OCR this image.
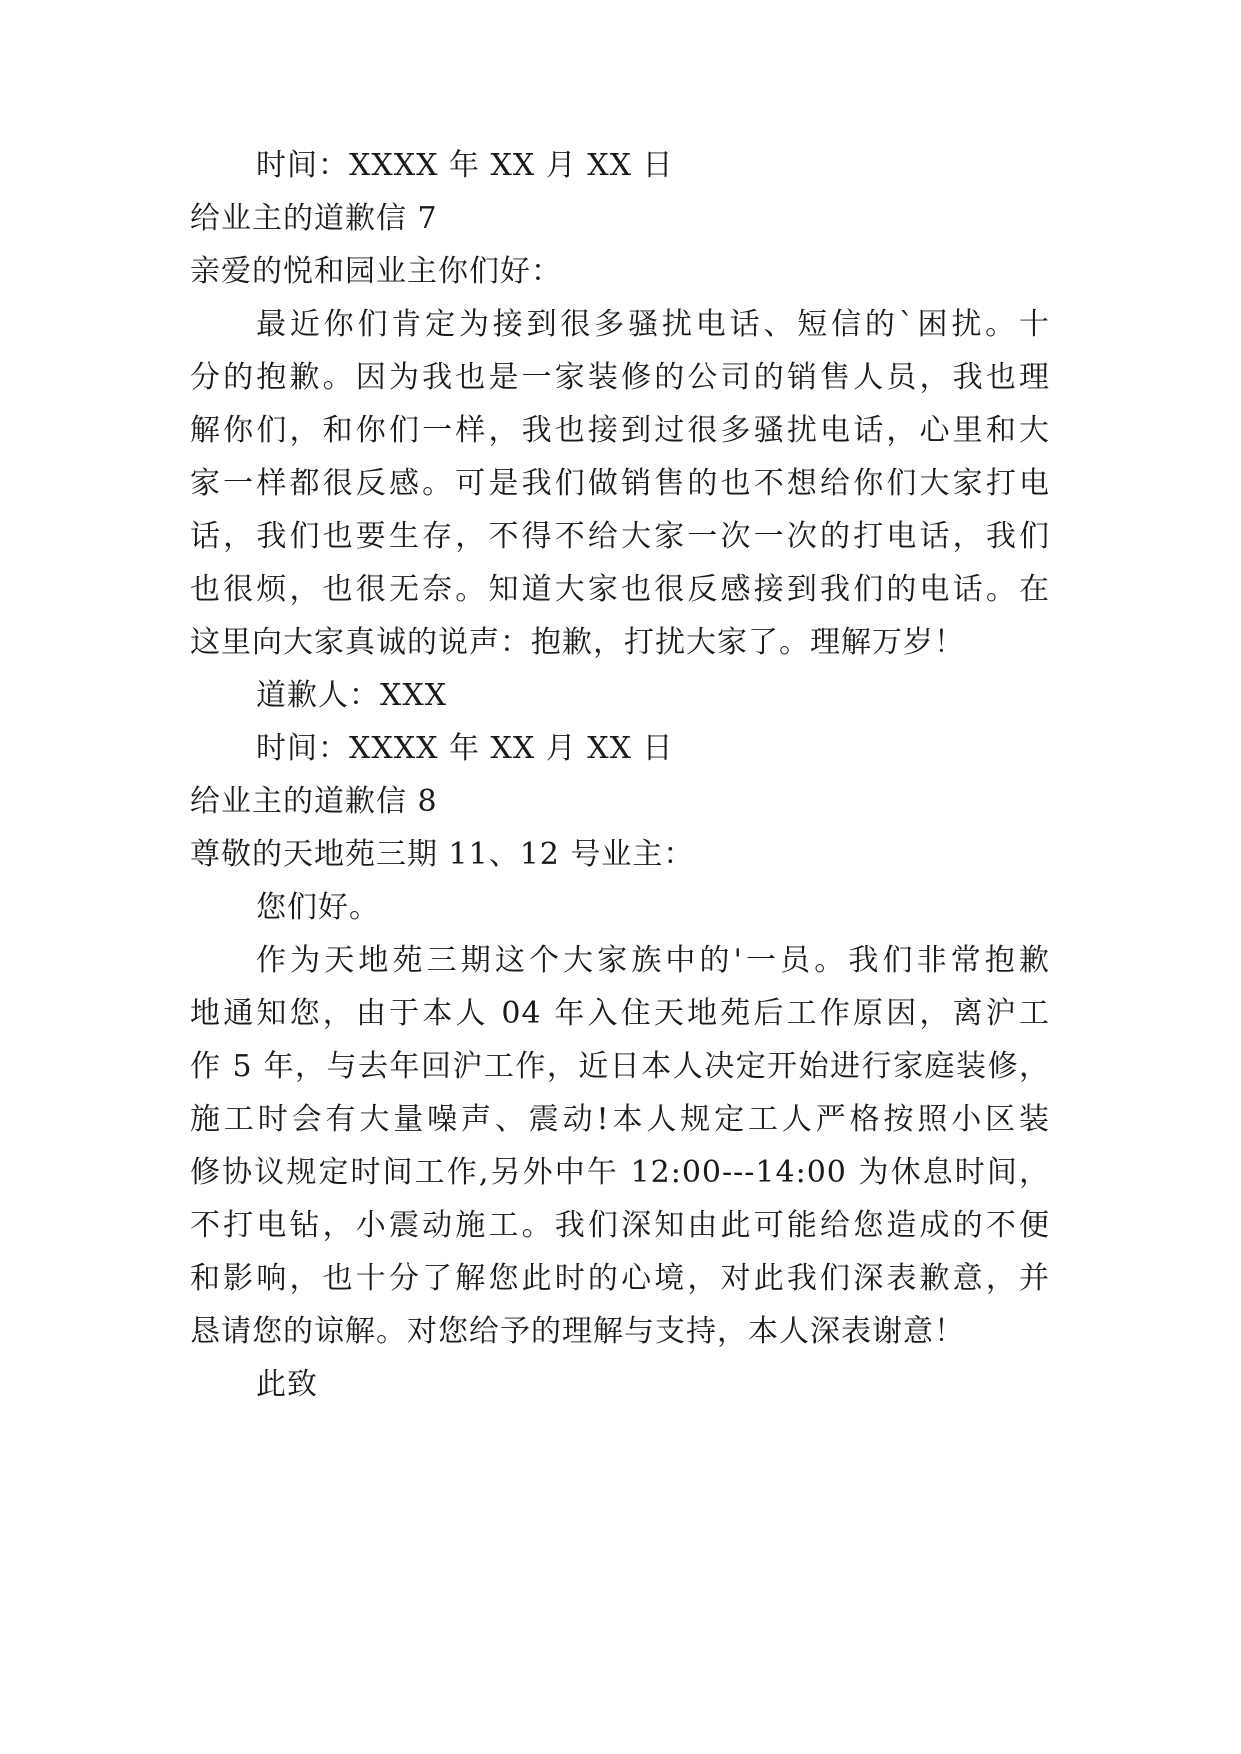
时间：XXXX 年 XX 月 XX 日
给业主的道歉信 7
亲爱的悦和园业主你们好：
最近你们肯定为接到很多骚扰电话、短信的`困扰。十
分的抱歉。因为我也是一家装修的公司的销售人员，我也理
解你们，和你们一样，我也接到过很多骚扰电话，心里和大
家一样都很反感。可是我们做销售的也不想给你们大家打电
话，我们也要生存，不得不给大家一次一次的打电话，我们
也很烦，也很无奈。知道大家也很反感接到我们的电话。在
这里向大家真诚的说声：抱歉，打扰大家了。理解万岁！
道歉人：XXX
时间：XXXX 年 XX 月 XX 日
给业主的道歉信 8
尊敬的天地苑三期 11、12 号业主：
您们好。
作为天地苑三期这个大家族中的'一员。我们非常抱歉
地通知您，由于本人 04 年入住天地苑后工作原因，离沪工
作 5 年，与去年回沪工作，近日本人决定开始进行家庭装修，
施工时会有大量噪声、震动!本人规定工人严格按照小区装
修协议规定时间工作,另外中午 12:00---14:00 为休息时间，
不打电钻，小震动施工。我们深知由此可能给您造成的不便
和影响，也十分了解您此时的心境，对此我们深表歉意，并
恳请您的谅解。对您给予的理解与支持，本人深表谢意！
此致
